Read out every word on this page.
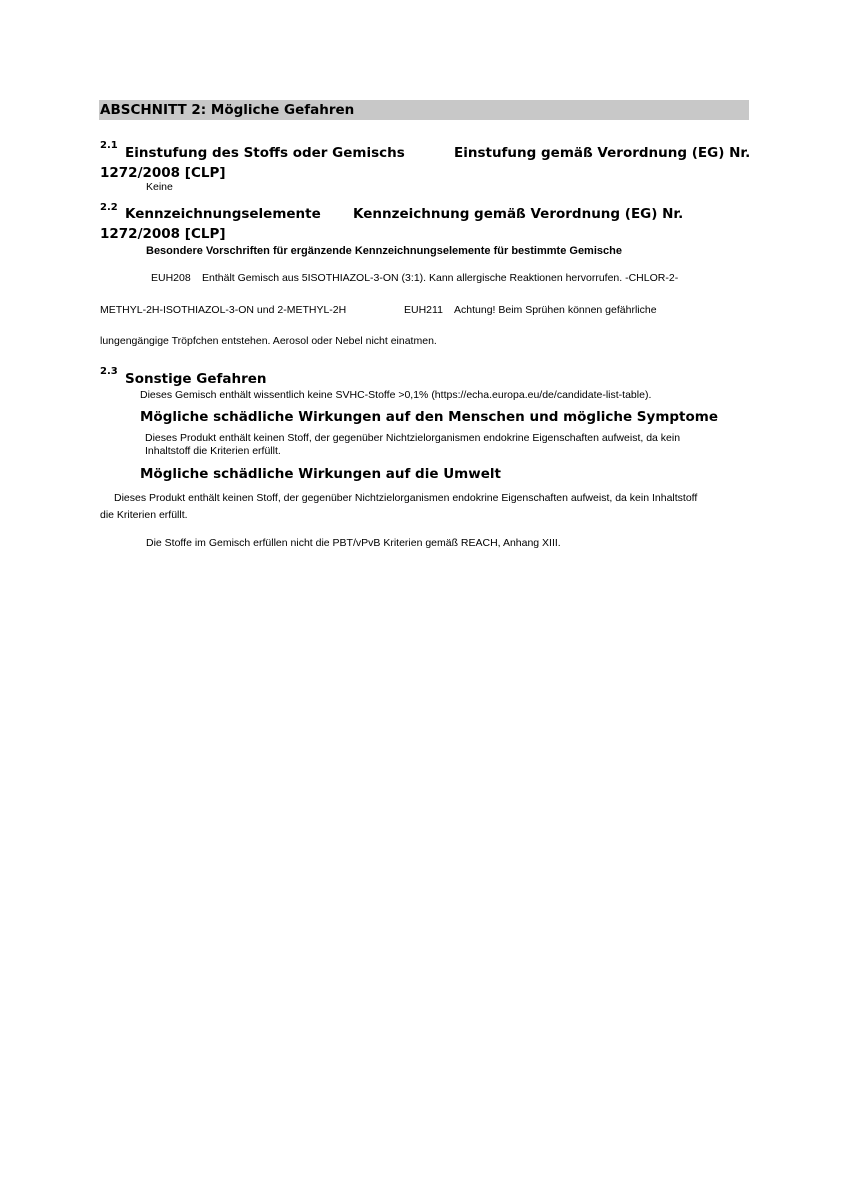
ABSCHNITT 2: Mögliche Gefahren
2.1 Einstufung des Stoffs oder Gemischs	Einstufung gemäß Verordnung (EG) Nr.
1272/2008 [CLP]
Keine
2.2 Kennzeichnungselemente Kennzeichnung gemäß Verordnung (EG) Nr.
1272/2008 [CLP]
Besondere Vorschriften für ergänzende Kennzeichnungselemente für bestimmte Gemische
EUH208 Enthält Gemisch aus 5ISOTHIAZOL-3-ON (3:1). Kann allergische Reaktionen hervorrufen. -CHLOR-2-
METHYL-2H-ISOTHIAZOL-3-ON und 2-METHYL-2H	EUH211 Achtung! Beim Sprühen können gefährliche
lungengängige Tröpfchen entstehen. Aerosol oder Nebel nicht einatmen.
2.3 Sonstige Gefahren
Dieses Gemisch enthält wissentlich keine SVHC-Stoffe >0,1% (https://echa.europa.eu/de/candidate-list-table).
Mögliche schädliche Wirkungen auf den Menschen und mögliche Symptome
Dieses Produkt enthält keinen Stoff, der gegenüber Nichtzielorganismen endokrine Eigenschaften aufweist, da kein
Inhaltstoff die Kriterien erfüllt.
Mögliche schädliche Wirkungen auf die Umwelt
Dieses Produkt enthält keinen Stoff, der gegenüber Nichtzielorganismen endokrine Eigenschaften aufweist, da kein Inhaltstoff
die Kriterien erfüllt.
Die Stoffe im Gemisch erfüllen nicht die PBT/vPvB Kriterien gemäß REACH, Anhang XIII.
